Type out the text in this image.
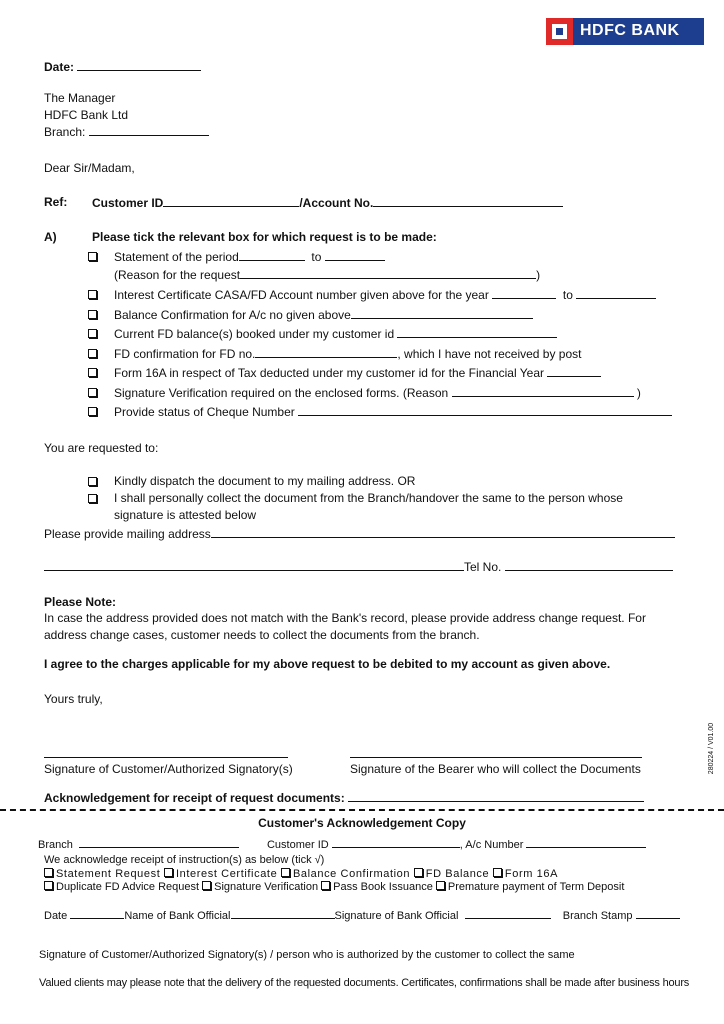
HDFC BANK
Date:
The Manager
HDFC Bank Ltd
Branch:
Dear Sir/Madam,
Ref: Customer ID	/Account No.
A)	Please tick the relevant box for which request is to be made:
Statement of the period	to
(Reason for the request	)
Interest Certificate CASA/FD Account number given above for the year	to
Balance Confirmation for A/c no given above
Current FD balance(s) booked under my customer id
FD confirmation for FD no.	, which I have not received by post
Form 16A in respect of Tax deducted under my customer id for the Financial Year
Signature Verification required on the enclosed forms. (Reason	)
Provide status of Cheque Number
You are requested to:
Kindly dispatch the document to my mailing address. OR
I shall personally collect the document from the Branch/handover the same to the person whose
signature is attested below
Please provide mailing address
Tel No.
Please Note:
In case the address provided does not match with the Bank's record, please provide address change request. For
address change cases, customer needs to collect the documents from the branch.
I agree to the charges applicable for my above request to be debited to my account as given above.
Yours truly,
Signature of Customer/Authorized Signatory(s)	Signature of the Bearer who will collect the Documents	280224 / V01.00
Acknowledgement for receipt of request documents:
Customer's Acknowledgement Copy
Branch	Customer ID	, A/c Number
We acknowledge receipt of instruction(s) as below (tick √)
Statement Request Interest Certificate Balance Confirmation FD Balance Form 16A
Duplicate FD Advice Request Signature Verification Pass Book Issuance Premature payment of Term Deposit
Date	Name of Bank Official	Signature of Bank Official	Branch Stamp
Signature of Customer/Authorized Signatory(s) / person who is authorized by the customer to collect the same
Valued clients may please note that the delivery of the requested documents. Certificates, confirmations shall be made after business hours
